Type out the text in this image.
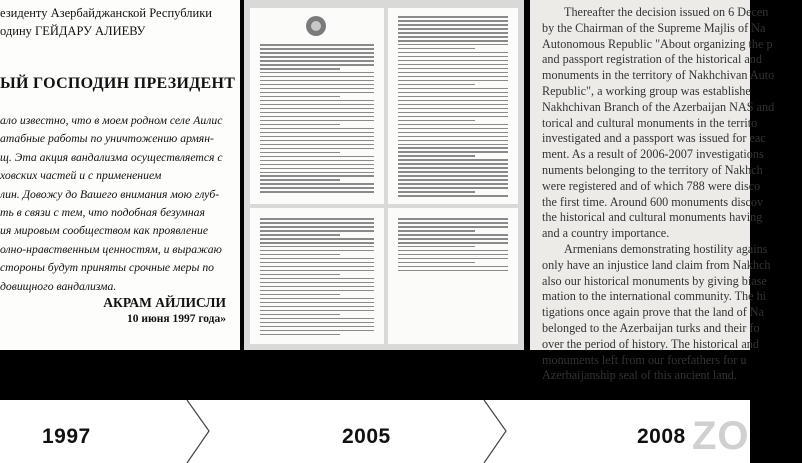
езиденту Азербайджанской Республики
одину ГЕЙДАРУ АЛИЕВУ
ЫЙ ГОСПОДИН ПРЕЗИДЕНТ
ало известно, что в моем родном селе Аилис
атабные работы по уничтожению армян-
щ. Эта акция вандализма осуществляется с
ховских частей и с применением
лин. Довожу до Вашего внимания мою глуб-
ть в связи с тем, что подобная безумная
ия мировым сообществом как проявление
олно-нравственным ценностям, и выражаю
стороны будут приняты срочные меры по
довищного вандализма.
АКРАМ АЙЛИСЛИ
10 июня 1997 года»
Thereafter the decision issued on 6 Decen
by the Chairman of the Supreme Majlis of Na
Autonomous Republic "About organizing the p
and passport registration of the historical and
monuments in the territory of Nakhchivan Auto
Republic", a working group was establishe
Nakhchivan Branch of the Azerbaijan NAS and
torical and cultural monuments in the territo
investigated and a passport was issued for eac
ment. As a result of 2006-2007 investigations
numents belonging to the territory of Nakhch
were registered and of which 788 were disco
the first time. Around 600 monuments discov
the historical and cultural monuments having
and a country importance.
Armenians demonstrating hostility agains
only have an injustice land claim from Nakhch
also our historical monuments by giving biase
mation to the international community. The hi
tigations once again prove that the land of Na
belonged to the Azerbaijan turks and their fo
over the period of history. The historical and
monuments left from our forefathers for u
Azerbaijanship seal of this ancient land.
1997	2005	2008 ZO
